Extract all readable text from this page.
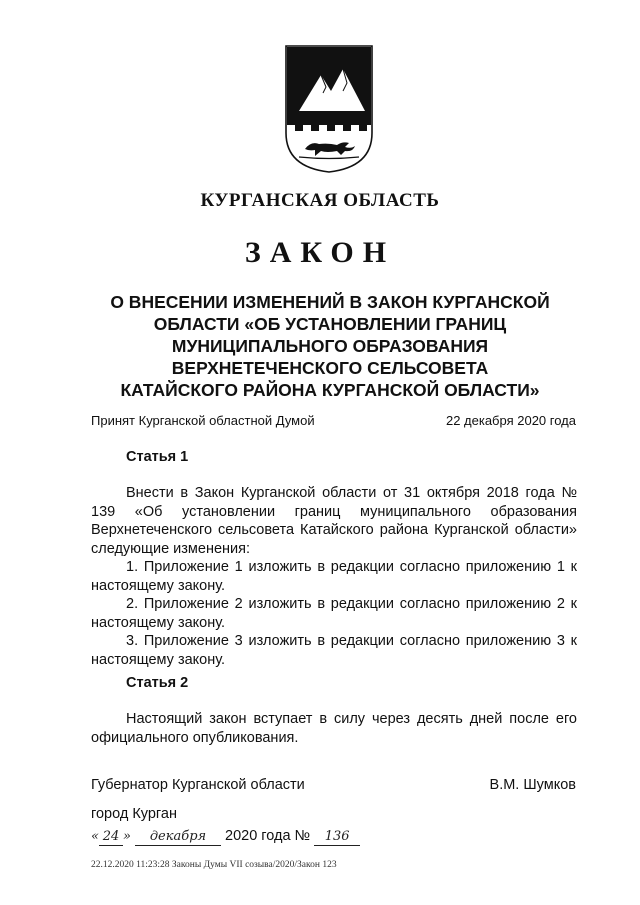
КУРГАНСКАЯ ОБЛАСТЬ
ЗАКОН
О ВНЕСЕНИИ ИЗМЕНЕНИЙ В ЗАКОН КУРГАНСКОЙ
ОБЛАСТИ «ОБ УСТАНОВЛЕНИИ ГРАНИЦ
МУНИЦИПАЛЬНОГО ОБРАЗОВАНИЯ
ВЕРХНЕТЕЧЕНСКОГО СЕЛЬСОВЕТА
КАТАЙСКОГО РАЙОНА КУРГАНСКОЙ ОБЛАСТИ»
Принят Курганской областной Думой	22 декабря 2020 года
Статья 1

Внести в Закон Курганской области от 31 октября 2018 года № 139 «Об установлении границ муниципального образования Верхнетеченского сельсовета Катайского района Курганской области» следующие изменения:

1. Приложение 1 изложить в редакции согласно приложению 1 к настоящему закону.

2. Приложение 2 изложить в редакции согласно приложению 2 к настоящему закону.

3. Приложение 3 изложить в редакции согласно приложению 3 к настоящему закону.

Статья 2

Настоящий закон вступает в силу через десять дней после его официального опубликования.

Губернатор Курганской области	В.М. Шумков
город Курган
« 24 » декабря 2020 года № 136
22.12.2020 11:23:28 Законы Думы VII созыва/2020/Закон 123
